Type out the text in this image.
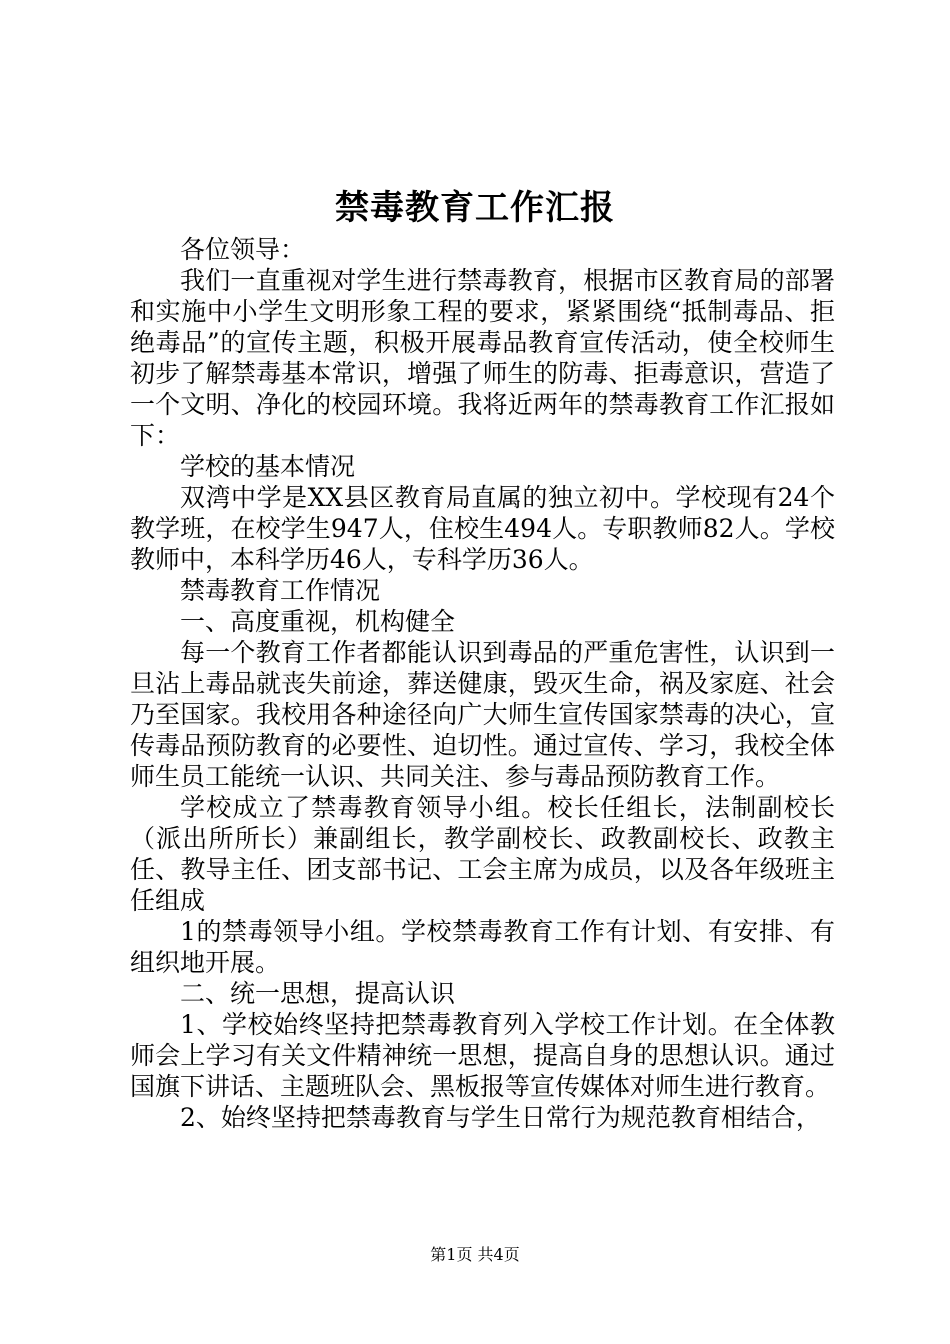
禁毒教育工作汇报

各位领导：

我们一直重视对学生进行禁毒教育，根据市区教育局的部署和实施中小学生文明形象工程的要求，紧紧围绕“抵制毒品、拒绝毒品”的宣传主题，积极开展毒品教育宣传活动，使全校师生初步了解禁毒基本常识，增强了师生的防毒、拒毒意识，营造了一个文明、净化的校园环境。我将近两年的禁毒教育工作汇报如下：

学校的基本情况

双湾中学是XX县区教育局直属的独立初中。学校现有24个教学班，在校学生947人，住校生494人。专职教师82人。学校教师中，本科学历46人，专科学历36人。

禁毒教育工作情况

一、高度重视，机构健全

每一个教育工作者都能认识到毒品的严重危害性，认识到一旦沾上毒品就丧失前途，葬送健康，毁灭生命，祸及家庭、社会乃至国家。我校用各种途径向广大师生宣传国家禁毒的决心，宣传毒品预防教育的必要性、迫切性。通过宣传、学习，我校全体师生员工能统一认识、共同关注、参与毒品预防教育工作。

学校成立了禁毒教育领导小组。校长任组长，法制副校长（派出所所长）兼副组长，教学副校长、政教副校长、政教主任、教导主任、团支部书记、工会主席为成员，以及各年级班主任组成

1的禁毒领导小组。学校禁毒教育工作有计划、有安排、有组织地开展。

二、统一思想，提高认识

1、学校始终坚持把禁毒教育列入学校工作计划。在全体教师会上学习有关文件精神统一思想，提高自身的思想认识。通过国旗下讲话、主题班队会、黑板报等宣传媒体对师生进行教育。

2、始终坚持把禁毒教育与学生日常行为规范教育相结合，

第1页 共4页
